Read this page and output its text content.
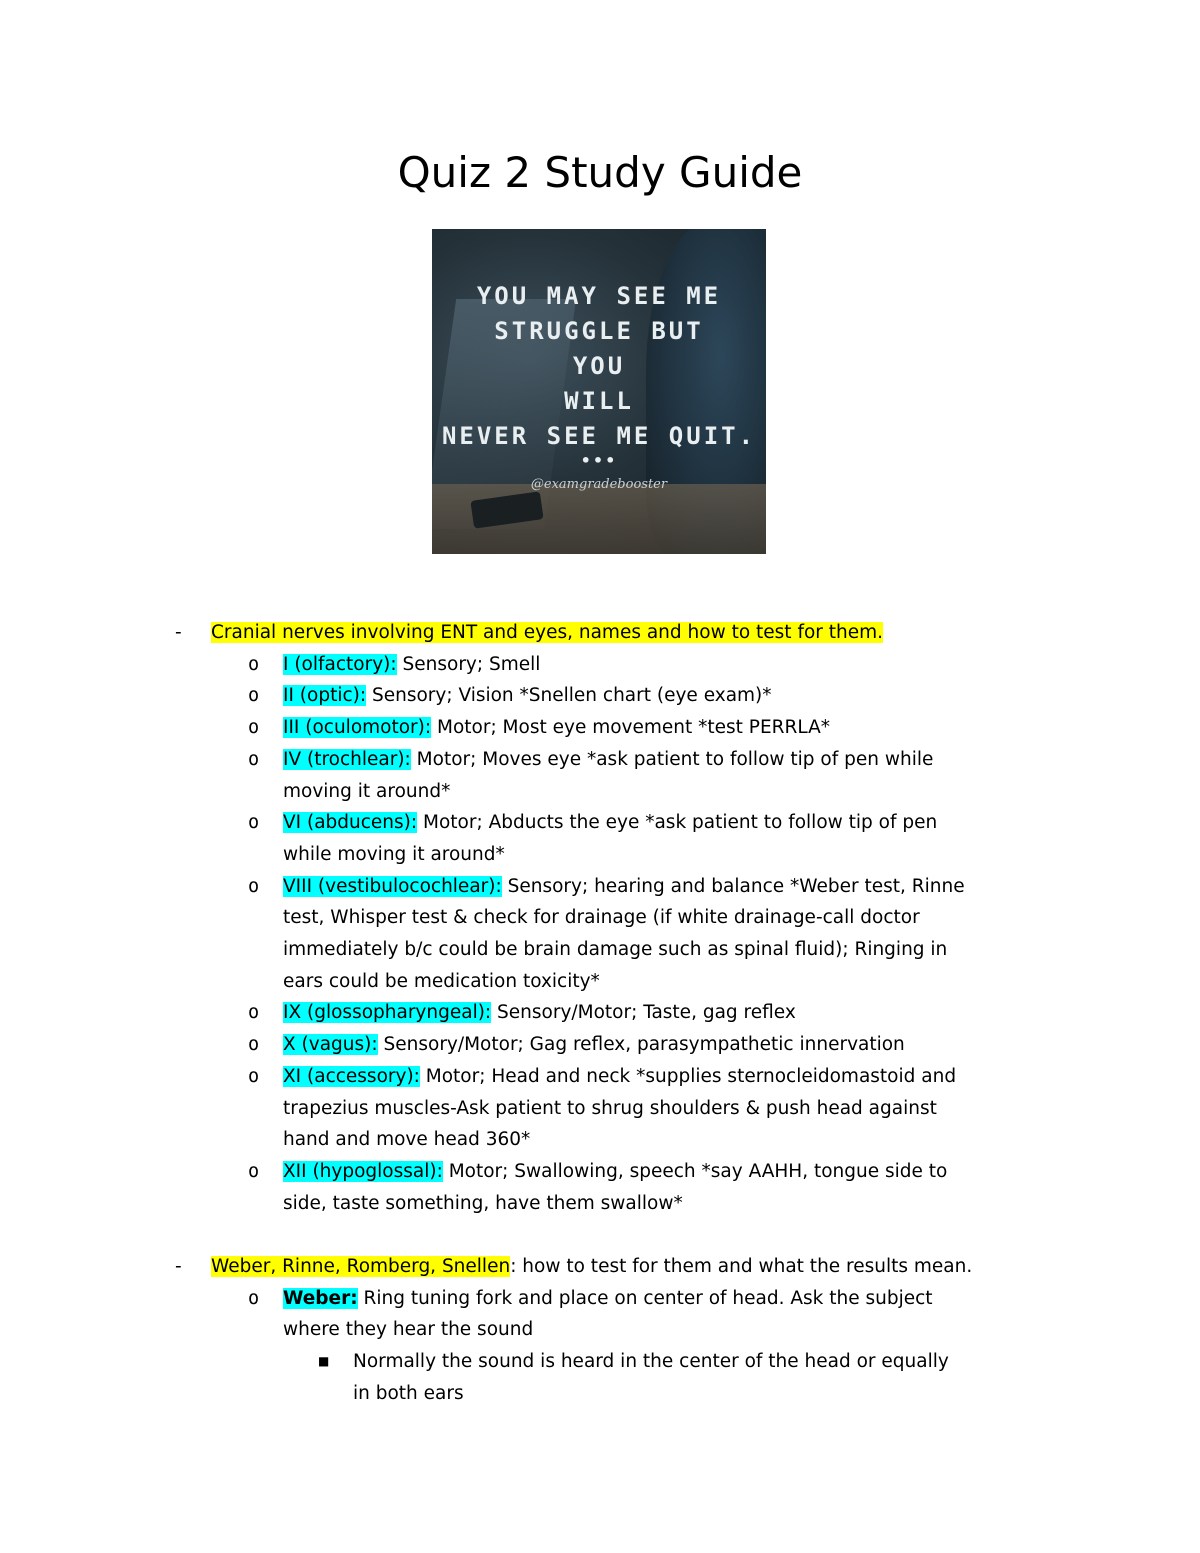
Quiz 2 Study Guide
YOU MAY SEE ME
STRUGGLE BUT
YOU
WILL
NEVER SEE ME QUIT.
•••
@examgradebooster
- Cranial nerves involving ENT and eyes, names and how to test for them.
o I (olfactory): Sensory; Smell
o II (optic): Sensory; Vision *Snellen chart (eye exam)*
o III (oculomotor): Motor; Most eye movement *test PERRLA*
o IV (trochlear): Motor; Moves eye *ask patient to follow tip of pen while moving it around*
o VI (abducens): Motor; Abducts the eye *ask patient to follow tip of pen while moving it around*
o VIII (vestibulocochlear): Sensory; hearing and balance *Weber test, Rinne test, Whisper test & check for drainage (if white drainage-call doctor immediately b/c could be brain damage such as spinal fluid); Ringing in ears could be medication toxicity*
o IX (glossopharyngeal): Sensory/Motor; Taste, gag reflex
o X (vagus): Sensory/Motor; Gag reflex, parasympathetic innervation
o XI (accessory): Motor; Head and neck *supplies sternocleidomastoid and trapezius muscles-Ask patient to shrug shoulders & push head against hand and move head 360*
o XII (hypoglossal): Motor; Swallowing, speech *say AAHH, tongue side to side, taste something, have them swallow*
- Weber, Rinne, Romberg, Snellen: how to test for them and what the results mean.
o Weber: Ring tuning fork and place on center of head. Ask the subject where they hear the sound
■ Normally the sound is heard in the center of the head or equally in both ears
